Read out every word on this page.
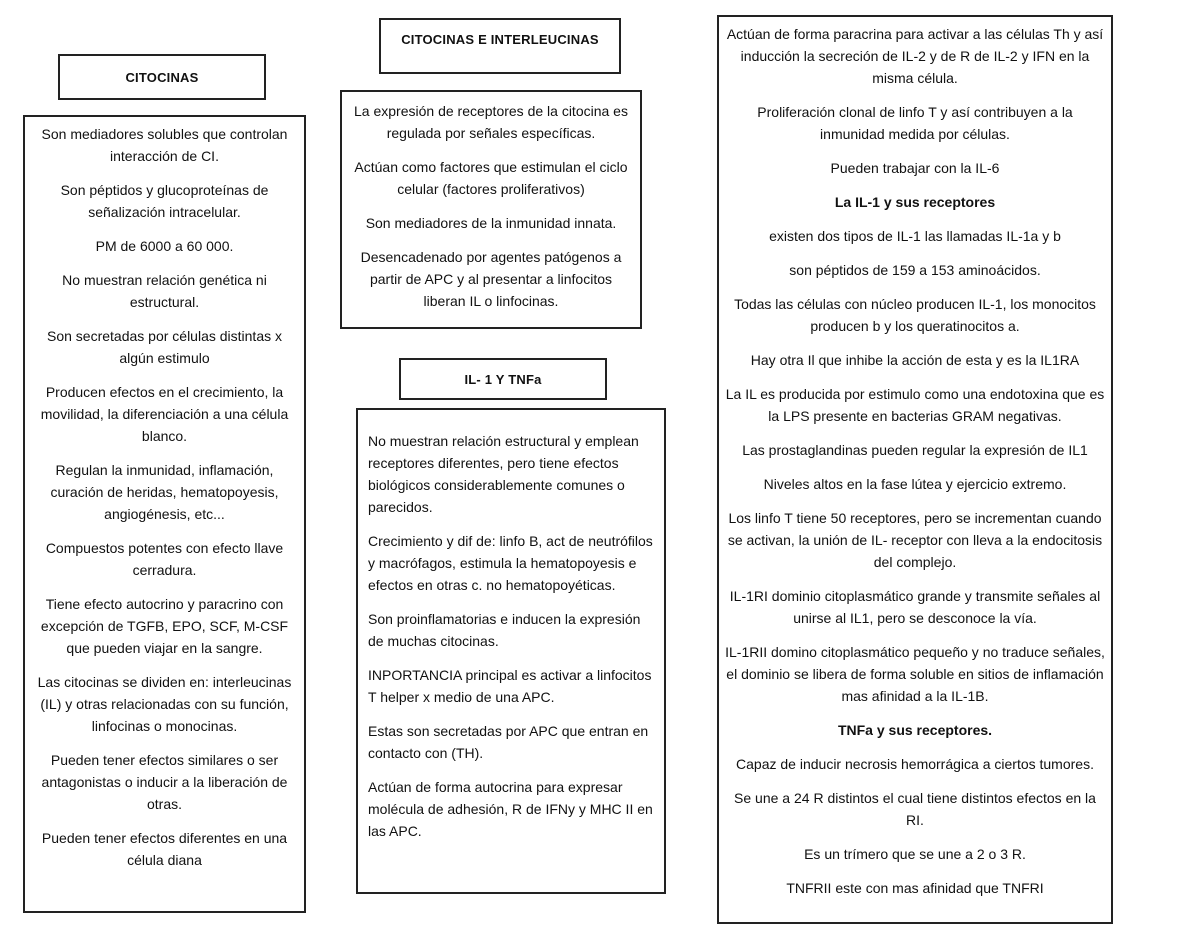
CITOCINAS
CITOCINAS E INTERLEUCINAS
IL- 1 Y TNFa

Son mediadores solubles que controlan interacción de CI.

Son péptidos y glucoproteínas de señalización intracelular.

PM de 6000 a 60 000.

No muestran relación genética ni estructural.

Son secretadas por células distintas x algún estimulo

Producen efectos en el crecimiento, la movilidad, la diferenciación a una célula blanco.

Regulan la inmunidad, inflamación, curación de heridas, hematopoyesis, angiogénesis, etc...

Compuestos potentes con efecto llave cerradura.

Tiene efecto autocrino y paracrino con excepción de TGFB, EPO, SCF, M-CSF que pueden viajar en la sangre.

Las citocinas se dividen en: interleucinas (IL) y otras relacionadas con su función, linfocinas o monocinas.

Pueden tener efectos similares o ser antagonistas o inducir a la liberación de otras.

Pueden tener efectos diferentes en una célula diana

La expresión de receptores de la citocina es regulada por señales específicas.

Actúan como factores que estimulan el ciclo celular (factores proliferativos)

Son mediadores de la inmunidad innata.

Desencadenado por agentes patógenos a partir de APC y al presentar a linfocitos liberan IL o linfocinas.

No muestran relación estructural y emplean receptores diferentes, pero tiene efectos biológicos considerablemente comunes o parecidos.

Crecimiento y dif de: linfo B, act de neutrófilos y macrófagos, estimula la hematopoyesis e efectos en otras c. no hematopoyéticas.

Son proinflamatorias e inducen la expresión de muchas citocinas.

INPORTANCIA principal es activar a linfocitos T helper x medio de una APC.

Estas son secretadas por APC que entran en contacto con (TH).

Actúan de forma autocrina para expresar molécula de adhesión, R de IFNy y MHC II en las APC.

Actúan de forma paracrina para activar a las células Th y así inducción la secreción de IL-2 y de R de IL-2 y IFN en la misma célula.

Proliferación clonal de linfo T y así contribuyen a la inmunidad medida por células.

Pueden trabajar con la IL-6

La IL-1 y sus receptores

existen dos tipos de IL-1 las llamadas IL-1a y b

son péptidos de 159 a 153 aminoácidos.

Todas las células con núcleo producen IL-1, los monocitos producen b y los queratinocitos a.

Hay otra Il que inhibe la acción de esta y es la IL1RA

La IL es producida por estimulo como una endotoxina que es la LPS presente en bacterias GRAM negativas.

Las prostaglandinas pueden regular la expresión de IL1

Niveles altos en la fase lútea y ejercicio extremo.

Los linfo T tiene 50 receptores, pero se incrementan cuando se activan, la unión de IL- receptor con lleva a la endocitosis del complejo.

IL-1RI dominio citoplasmático grande y transmite señales al unirse al IL1, pero se desconoce la vía.

IL-1RII domino citoplasmático pequeño y no traduce señales, el dominio se libera de forma soluble en sitios de inflamación mas afinidad a la IL-1B.

TNFa y sus receptores.

Capaz de inducir necrosis hemorrágica a ciertos tumores.

Se une a 24 R distintos el cual tiene distintos efectos en la RI.

Es un trímero que se une a 2 o 3 R.

TNFRII este con mas afinidad que TNFRI
